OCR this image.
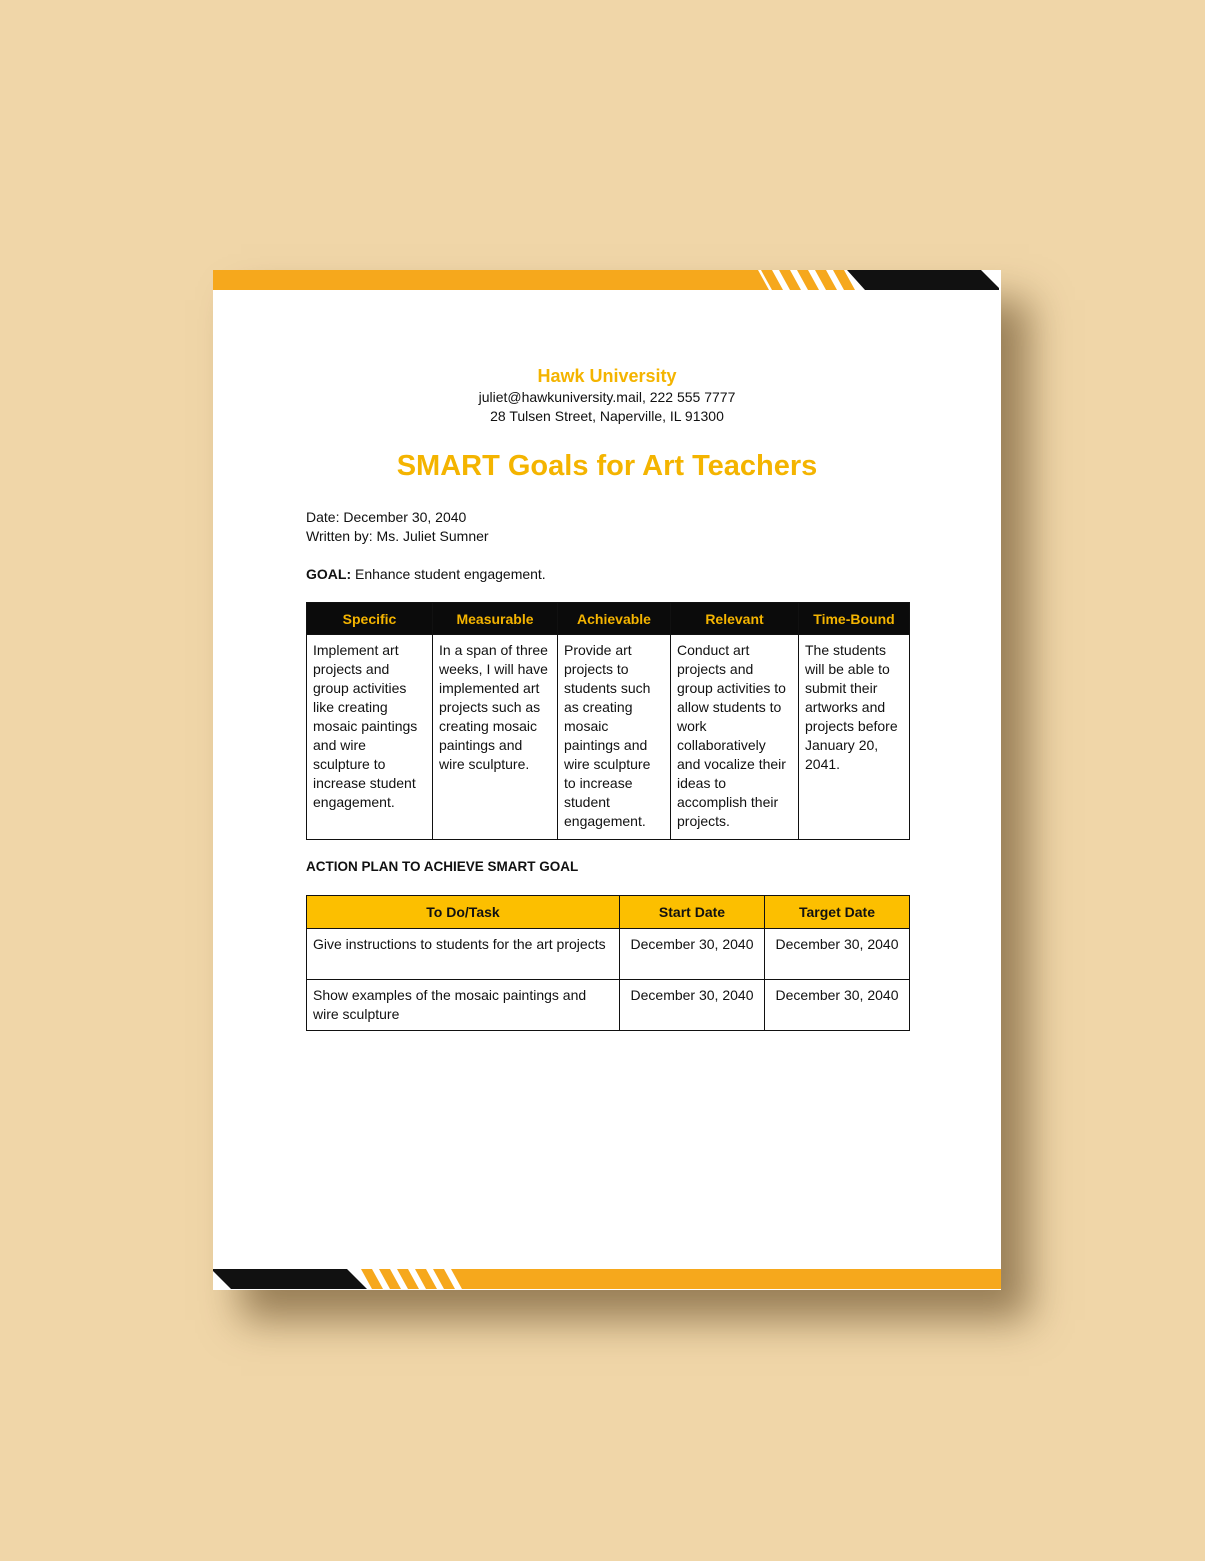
Hawk University
juliet@hawkuniversity.mail, 222 555 7777
28 Tulsen Street, Naperville, IL 91300
SMART Goals for Art Teachers
Date: December 30, 2040
Written by: Ms. Juliet Sumner
GOAL: Enhance student engagement.
Specific	Measurable	Achievable	Relevant	Time-Bound
Implement art projects and group activities like creating mosaic paintings and wire sculpture to increase student engagement.	In a span of three weeks, I will have implemented art projects such as creating mosaic paintings and wire sculpture.	Provide art projects to students such as creating mosaic paintings and wire sculpture to increase student engagement.	Conduct art projects and group activities to allow students to work collaboratively and vocalize their ideas to accomplish their projects.	The students will be able to submit their artworks and projects before January 20, 2041.
ACTION PLAN TO ACHIEVE SMART GOAL
To Do/Task	Start Date	Target Date
Give instructions to students for the art projects	December 30, 2040	December 30, 2040
Show examples of the mosaic paintings and wire sculpture	December 30, 2040	December 30, 2040
